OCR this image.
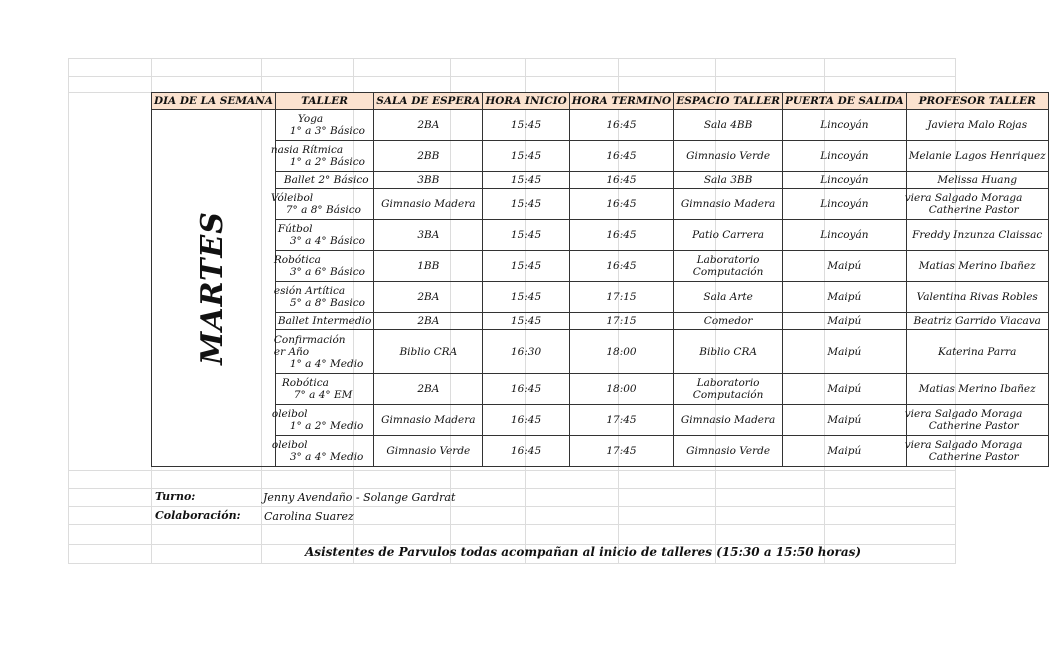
DIA DE LA SEMANA	TALLER	SALA DE ESPERA	HORA INICIO	HORA TERMINO	ESPACIO TALLER	PUERTA DE SALIDA	PROFESOR TALLER

MARTES	Yoga
1° a 3° Básico	2BA	15:45	16:45	Sala 4BB	Lincoyán	Javiera Malo Rojas

	nasia Rítmica
1° a 2° Básico	2BB	15:45	16:45	Gimnasio Verde	Lincoyán	Melanie Lagos Henriquez

	Ballet 2° Básico	3BB	15:45	16:45	Sala 3BB	Lincoyán	Melissa Huang

	Vóleibol
7° a 8° Básico	Gimnasio Madera	15:45	16:45	Gimnasio Madera	Lincoyán	viera Salgado Moraga
Catherine Pastor

	Fútbol
3° a 4° Básico	3BA	15:45	16:45	Patio Carrera	Lincoyán	Freddy Inzunza Claissac

	Robótica
3° a 6° Básico	1BB	15:45	16:45	Laboratorio
Computación	Maipú	Matias Merino Ibañez

	esión Artítica
5° a 8° Basico	2BA	15:45	17:15	Sala Arte	Maipú	Valentina Rivas Robles

	Ballet Intermedio	2BA	15:45	17:15	Comedor	Maipú	Beatriz Garrido Viacava

	Confirmación
er Año
1° a 4° Medio	Biblio CRA	16:30	18:00	Biblio CRA	Maipú	Katerina Parra

	Robótica
7° a 4° EM	2BA	16:45	18:00	Laboratorio
Computación	Maipú	Matias Merino Ibañez

	oleibol
1° a 2° Medio	Gimnasio Madera	16:45	17:45	Gimnasio Madera	Maipú	viera Salgado Moraga
Catherine Pastor

	oleibol
3° a 4° Medio	Gimnasio Verde	16:45	17:45	Gimnasio Verde	Maipú	viera Salgado Moraga
Catherine Pastor
Turno:	Jenny Avendaño - Solange Gardrat
Colaboración: Carolina Suarez
Asistentes de Parvulos todas acompañan al inicio de talleres (15:30 a 15:50 horas)
